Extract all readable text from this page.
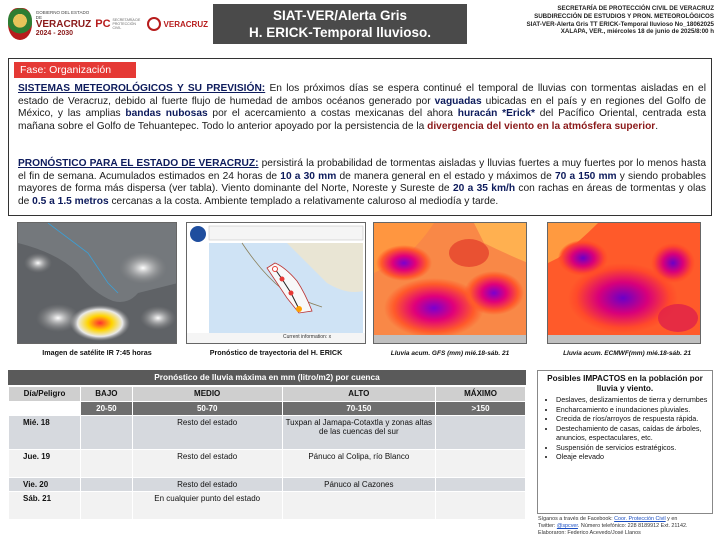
GOBIERNO DEL ESTADO DE
VERACRUZ
2024 - 2030
PC SECRETARÍA DE PROTECCIÓN CIVIL	VERACRUZ
SIAT-VER/Alerta Gris
H. ERICK-Temporal lluvioso.
SECRETARÍA DE PROTECCIÓN CIVIL DE VERACRUZ
SUBDIRECCIÓN DE ESTUDIOS Y PRON. METEOROLÓGICOS
SIAT-VER-Alerta Gris TT ERICK-Temporal lluvioso No_18062025
XALAPA, VER., miércoles 18 de junio de 2025/8:00 h
Fase: Organización

SISTEMAS METEOROLÓGICOS Y SU PREVISIÓN: En los próximos días se espera continué el temporal de lluvias con tormentas aisladas en el estado de Veracruz, debido al fuerte flujo de humedad de ambos océanos generado por vaguadas ubicadas en el país y en regiones del Golfo de México, y las amplias bandas nubosas por el acercamiento a costas mexicanas del ahora huracán *Erick* del Pacífico Oriental, centrada esta mañana sobre el Golfo de Tehuantepec. Todo lo anterior apoyado por la persistencia de la divergencia del viento en la atmósfera superior.

PRONÓSTICO PARA EL ESTADO DE VERACRUZ: persistirá la probabilidad de tormentas aisladas y lluvias fuertes a muy fuertes por lo menos hasta el fin de semana. Acumulados estimados en 24 horas de 10 a 30 mm de manera general en el estado y máximos de 70 a 150 mm y siendo probables mayores de forma más dispersa (ver tabla). Viento dominante del Norte, Noreste y Sureste de 20 a 35 km/h con rachas en áreas de tormentas y olas de 0.5 a 1.5 metros cercanas a la costa. Ambiente templado a relativamente caluroso al mediodía y tarde.

Imagen de satélite IR 7:45 horas
Current information: x
Pronóstico de trayectoria del H. ERICK	Lluvia acum. GFS (mm) mié.18-sáb. 21	Lluvia acum. ECMWF(mm) mié.18-sáb. 21
Pronóstico de lluvia máxima en mm (litro/m2) por cuenca
Día/Peligro	BAJO	MEDIO	ALTO	MÁXIMO
	20-50	50-70	70-150	>150
Mié. 18		Resto del estado	Tuxpan al Jamapa-Cotaxtla y zonas altas de las cuencas del sur	
Jue. 19		Resto del estado	Pánuco al Colipa, río Blanco	
Vie. 20		Resto del estado	Pánuco al Cazones	
Sáb. 21		En cualquier punto del estado		
Posibles IMPACTOS en la población por lluvia y viento.
• Deslaves, deslizamientos de tierra y derrumbes
• Encharcamiento e inundaciones pluviales.
• Crecida de ríos/arroyos de respuesta rápida.
• Destechamiento de casas, caídas de árboles, anuncios, espectaculares, etc.
• Suspensión de servicios estratégicos.
• Oleaje elevado
Síganos a través de Facebook: Coor. Protección Civil y en
Twitter: @spcver. Número telefónico: 228 8189912 Ext. 21142.
Elaboraron: Federico Acevedo/José Llanos
